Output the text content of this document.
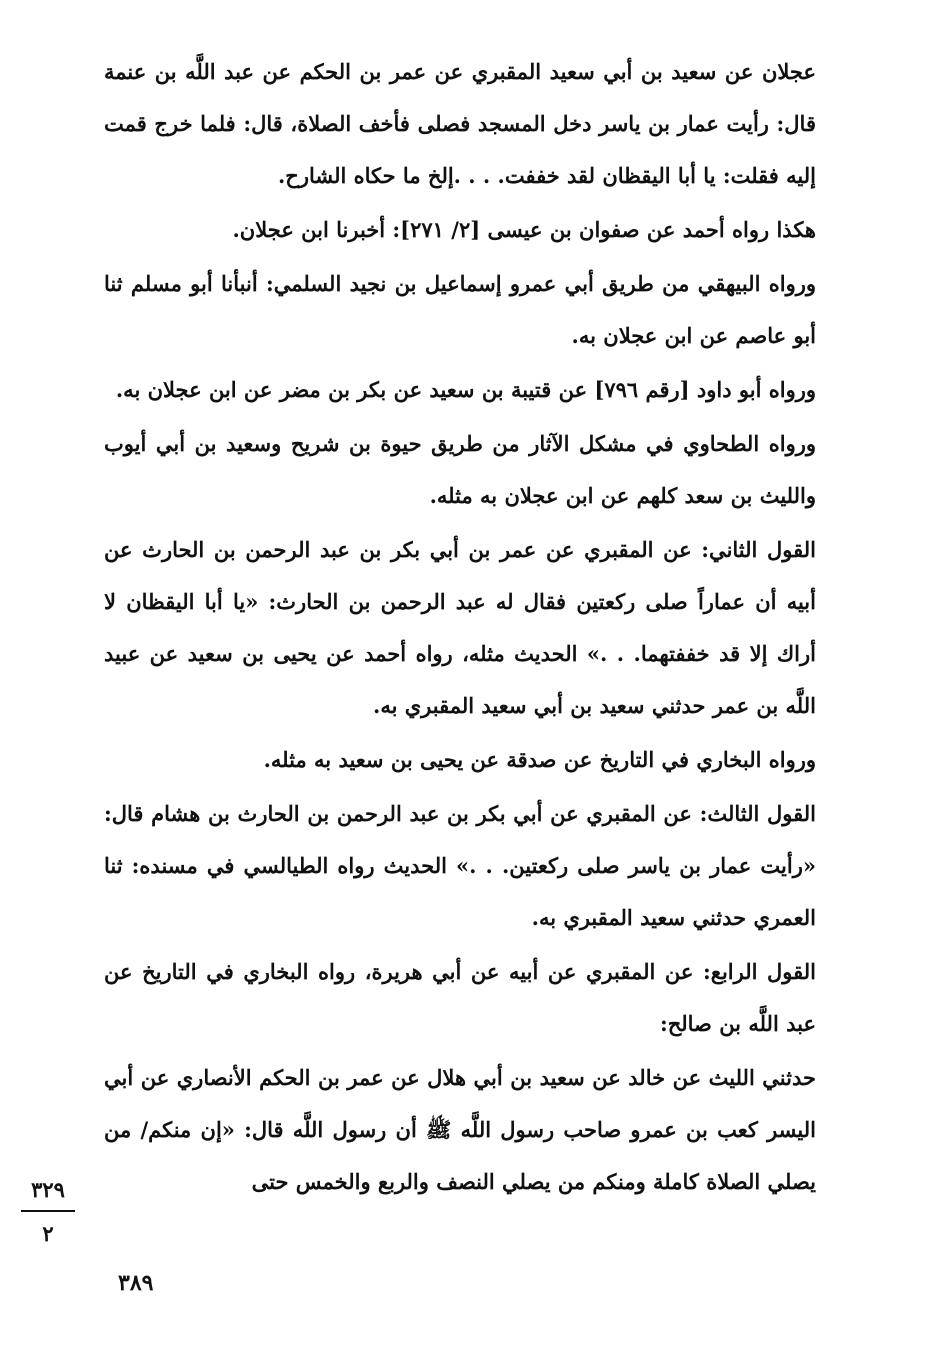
عجلان عن سعيد بن أبي سعيد المقبري عن عمر بن الحكم عن عبد اللَّه بن عنمة قال: رأيت عمار بن ياسر دخل المسجد فصلى فأخف الصلاة، قال: فلما خرج قمت إليه فقلت: يا أبا اليقظان لقد خففت. . . .إلخ ما حكاه الشارح.

هكذا رواه أحمد عن صفوان بن عيسى [٢/ ٢٧١]: أخبرنا ابن عجلان.

ورواه البيهقي من طريق أبي عمرو إسماعيل بن نجيد السلمي: أنبأنا أبو مسلم ثنا أبو عاصم عن ابن عجلان به.

ورواه أبو داود [رقم ٧٩٦] عن قتيبة بن سعيد عن بكر بن مضر عن ابن عجلان به.

ورواه الطحاوي في مشكل الآثار من طريق حيوة بن شريح وسعيد بن أبي أيوب والليث بن سعد كلهم عن ابن عجلان به مثله.

القول الثاني: عن المقبري عن عمر بن أبي بكر بن عبد الرحمن بن الحارث عن أبيه أن عماراً صلى ركعتين فقال له عبد الرحمن بن الحارث: «يا أبا اليقظان لا أراك إلا قد خففتهما. . .» الحديث مثله، رواه أحمد عن يحيى بن سعيد عن عبيد اللَّه بن عمر حدثني سعيد بن أبي سعيد المقبري به.

ورواه البخاري في التاريخ عن صدقة عن يحيى بن سعيد به مثله.

القول الثالث: عن المقبري عن أبي بكر بن عبد الرحمن بن الحارث بن هشام قال: «رأيت عمار بن ياسر صلى ركعتين. . .» الحديث رواه الطيالسي في مسنده: ثنا العمري حدثني سعيد المقبري به.

القول الرابع: عن المقبري عن أبيه عن أبي هريرة، رواه البخاري في التاريخ عن عبد اللَّه بن صالح:

حدثني الليث عن خالد عن سعيد بن أبي هلال عن عمر بن الحكم الأنصاري عن أبي اليسر كعب بن عمرو صاحب رسول اللَّه ﷺ أن رسول اللَّه قال: «إن منكم/ من يصلي الصلاة كاملة ومنكم من يصلي النصف والربع والخمس حتى

٣٢٩
٢
٣٨٩
